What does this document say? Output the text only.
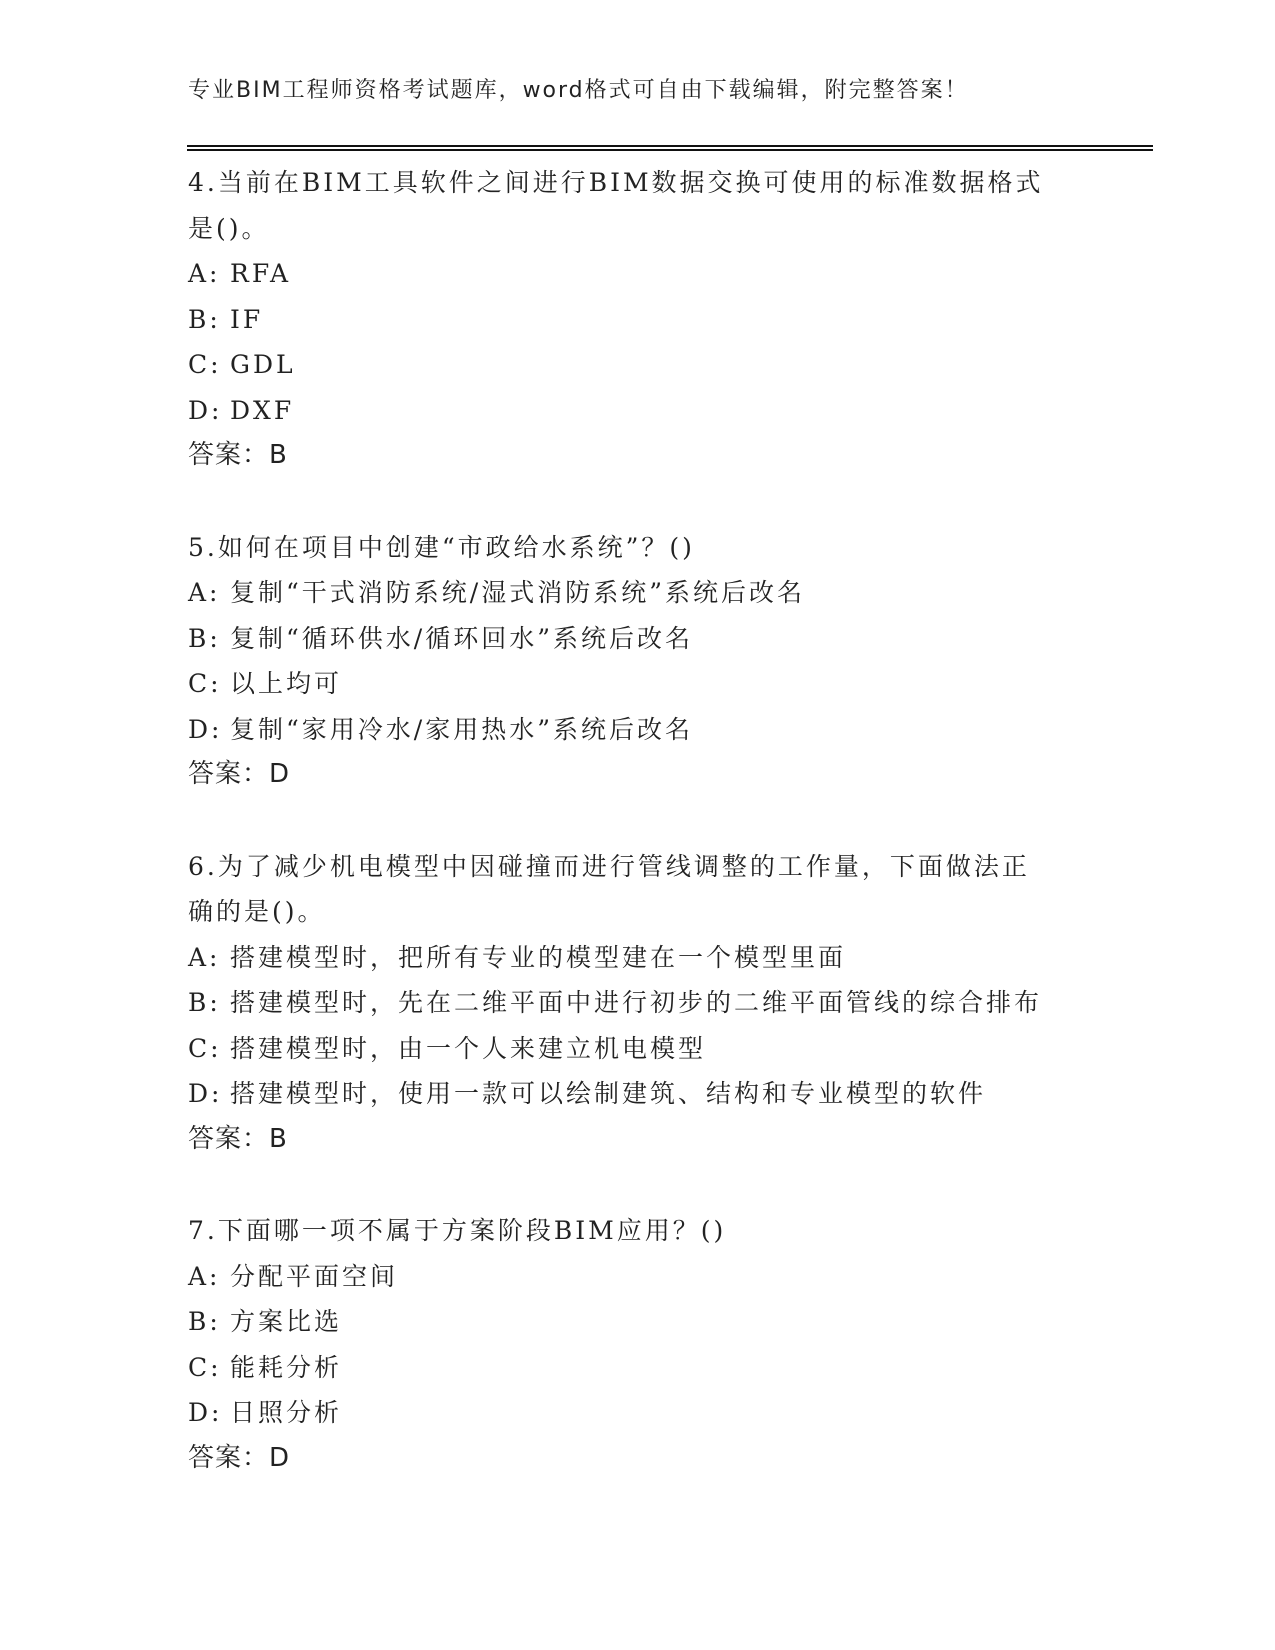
专业BIM工程师资格考试题库，word格式可自由下载编辑，附完整答案！
4.当前在BIM工具软件之间进行BIM数据交换可使用的标准数据格式
是()。
A: RFA
B: IF
C: GDL
D: DXF
答案：B
5.如何在项目中创建“市政给水系统”？()
A: 复制“干式消防系统/湿式消防系统”系统后改名
B: 复制“循环供水/循环回水”系统后改名
C: 以上均可
D: 复制“家用冷水/家用热水”系统后改名
答案：D
6.为了减少机电模型中因碰撞而进行管线调整的工作量，下面做法正
确的是()。
A: 搭建模型时，把所有专业的模型建在一个模型里面
B: 搭建模型时，先在二维平面中进行初步的二维平面管线的综合排布
C: 搭建模型时，由一个人来建立机电模型
D: 搭建模型时，使用一款可以绘制建筑、结构和专业模型的软件
答案：B
7.下面哪一项不属于方案阶段BIM应用？()
A: 分配平面空间
B: 方案比选
C: 能耗分析
D: 日照分析
答案：D
